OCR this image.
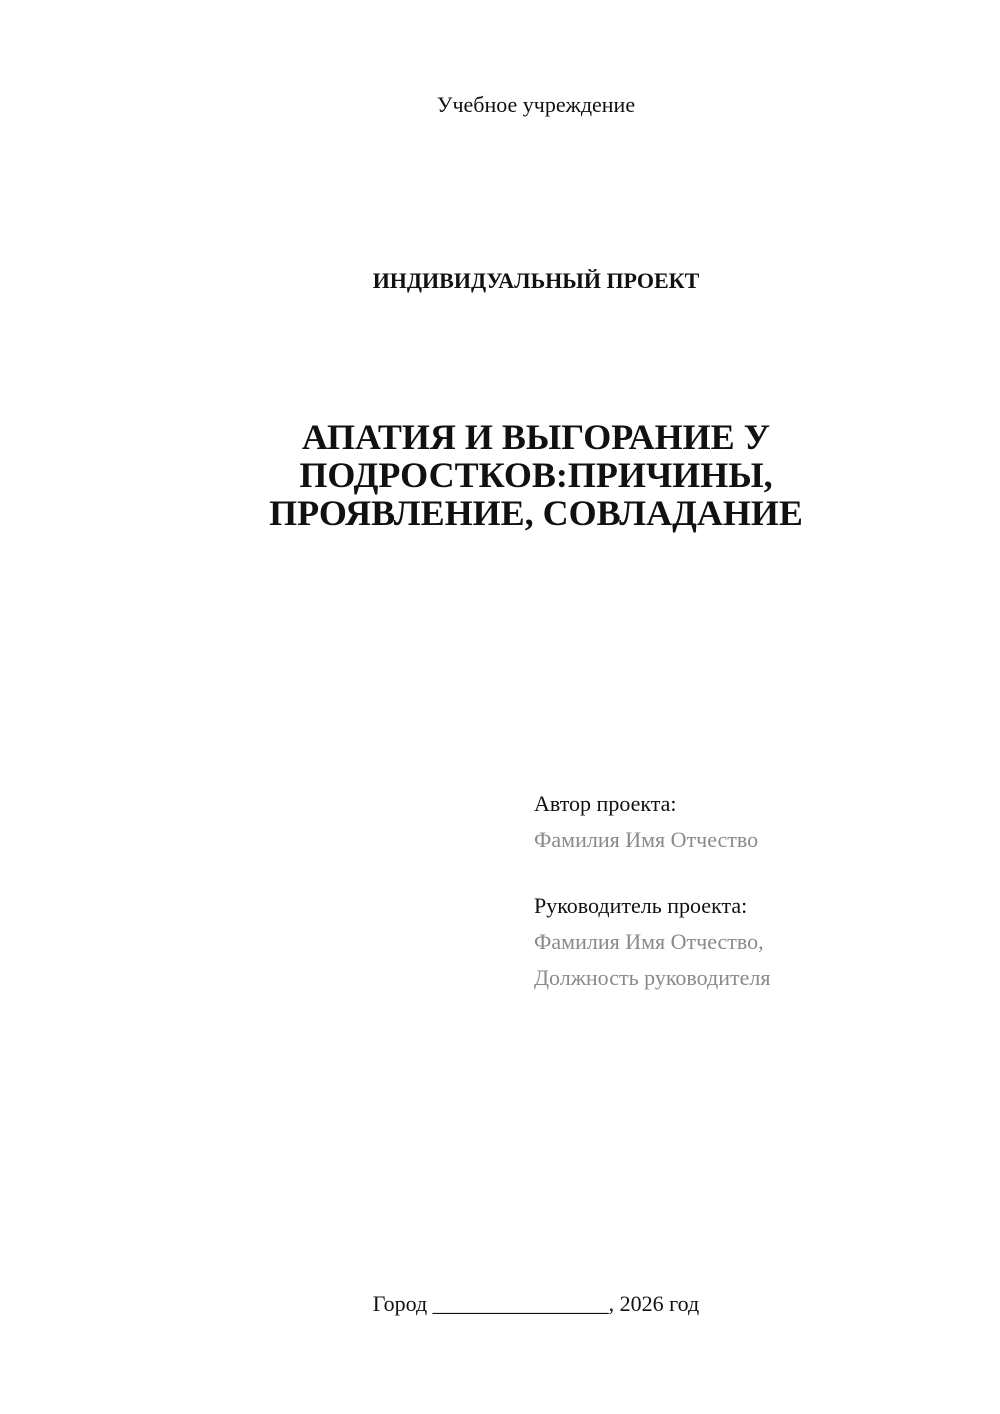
Учебное учреждение
ИНДИВИДУАЛЬНЫЙ ПРОЕКТ
АПАТИЯ И ВЫГОРАНИЕ У
ПОДРОСТКОВ:ПРИЧИНЫ,
ПРОЯВЛЕНИЕ, СОВЛАДАНИЕ
Автор проекта:
Фамилия Имя Отчество
Руководитель проекта:
Фамилия Имя Отчество,
Должность руководителя
Город ________________, 2026 год
